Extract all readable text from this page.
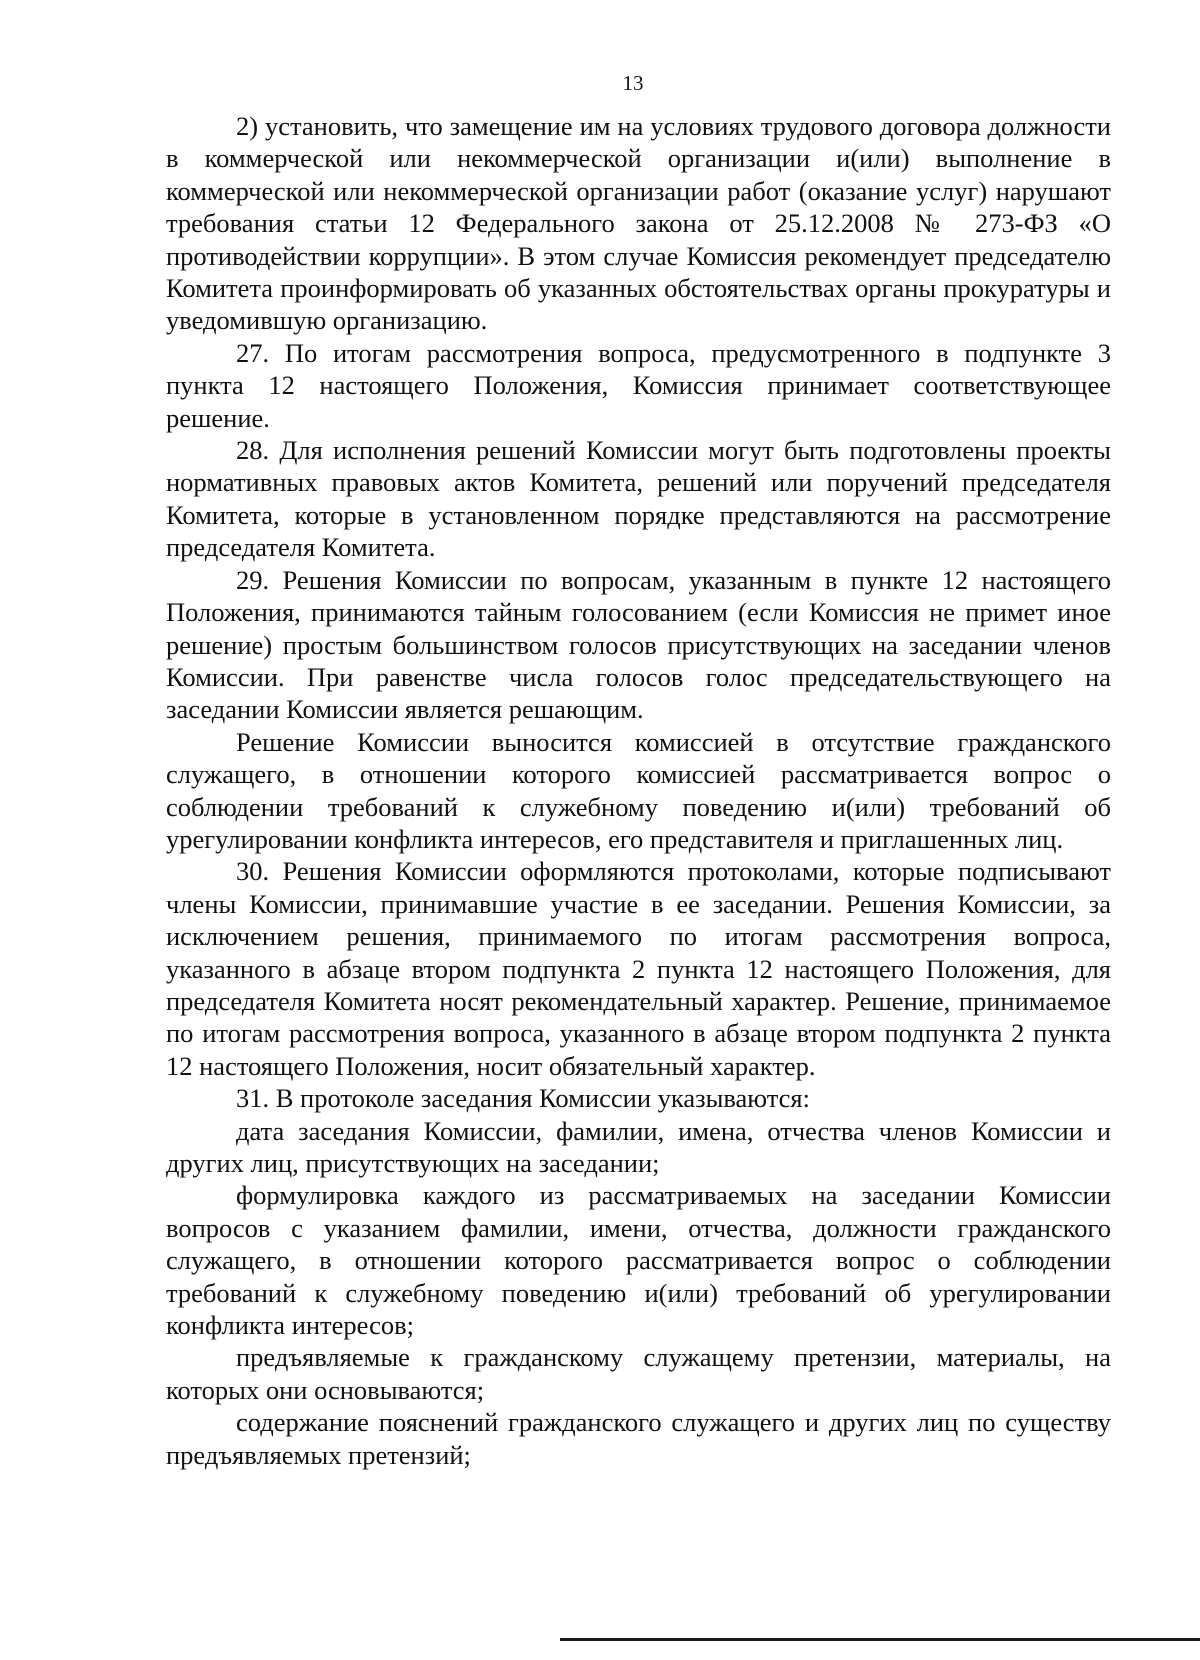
13

2) установить, что замещение им на условиях трудового договора должности в коммерческой или некоммерческой организации и(или) выполнение в коммерческой или некоммерческой организации работ (оказание услуг) нарушают требования статьи 12 Федерального закона от 25.12.2008 № 273-ФЗ «О противодействии коррупции». В этом случае Комиссия рекомендует председателю Комитета проинформировать об указанных обстоятельствах органы прокуратуры и уведомившую организацию.

27. По итогам рассмотрения вопроса, предусмотренного в подпункте 3 пункта 12 настоящего Положения, Комиссия принимает соответствующее решение.

28. Для исполнения решений Комиссии могут быть подготовлены проекты нормативных правовых актов Комитета, решений или поручений председателя Комитета, которые в установленном порядке представляются на рассмотрение председателя Комитета.

29. Решения Комиссии по вопросам, указанным в пункте 12 настоящего Положения, принимаются тайным голосованием (если Комиссия не примет иное решение) простым большинством голосов присутствующих на заседании членов Комиссии. При равенстве числа голосов голос председательствующего на заседании Комиссии является решающим.

Решение Комиссии выносится комиссией в отсутствие гражданского служащего, в отношении которого комиссией рассматривается вопрос о соблюдении требований к служебному поведению и(или) требований об урегулировании конфликта интересов, его представителя и приглашенных лиц.

30. Решения Комиссии оформляются протоколами, которые подписывают члены Комиссии, принимавшие участие в ее заседании. Решения Комиссии, за исключением решения, принимаемого по итогам рассмотрения вопроса, указанного в абзаце втором подпункта 2 пункта 12 настоящего Положения, для председателя Комитета носят рекомендательный характер. Решение, принимаемое по итогам рассмотрения вопроса, указанного в абзаце втором подпункта 2 пункта 12 настоящего Положения, носит обязательный характер.

31. В протоколе заседания Комиссии указываются:

дата заседания Комиссии, фамилии, имена, отчества членов Комиссии и других лиц, присутствующих на заседании;

формулировка каждого из рассматриваемых на заседании Комиссии вопросов с указанием фамилии, имени, отчества, должности гражданского служащего, в отношении которого рассматривается вопрос о соблюдении требований к служебному поведению и(или) требований об урегулировании конфликта интересов;

предъявляемые к гражданскому служащему претензии, материалы, на которых они основываются;

содержание пояснений гражданского служащего и других лиц по существу предъявляемых претензий;
